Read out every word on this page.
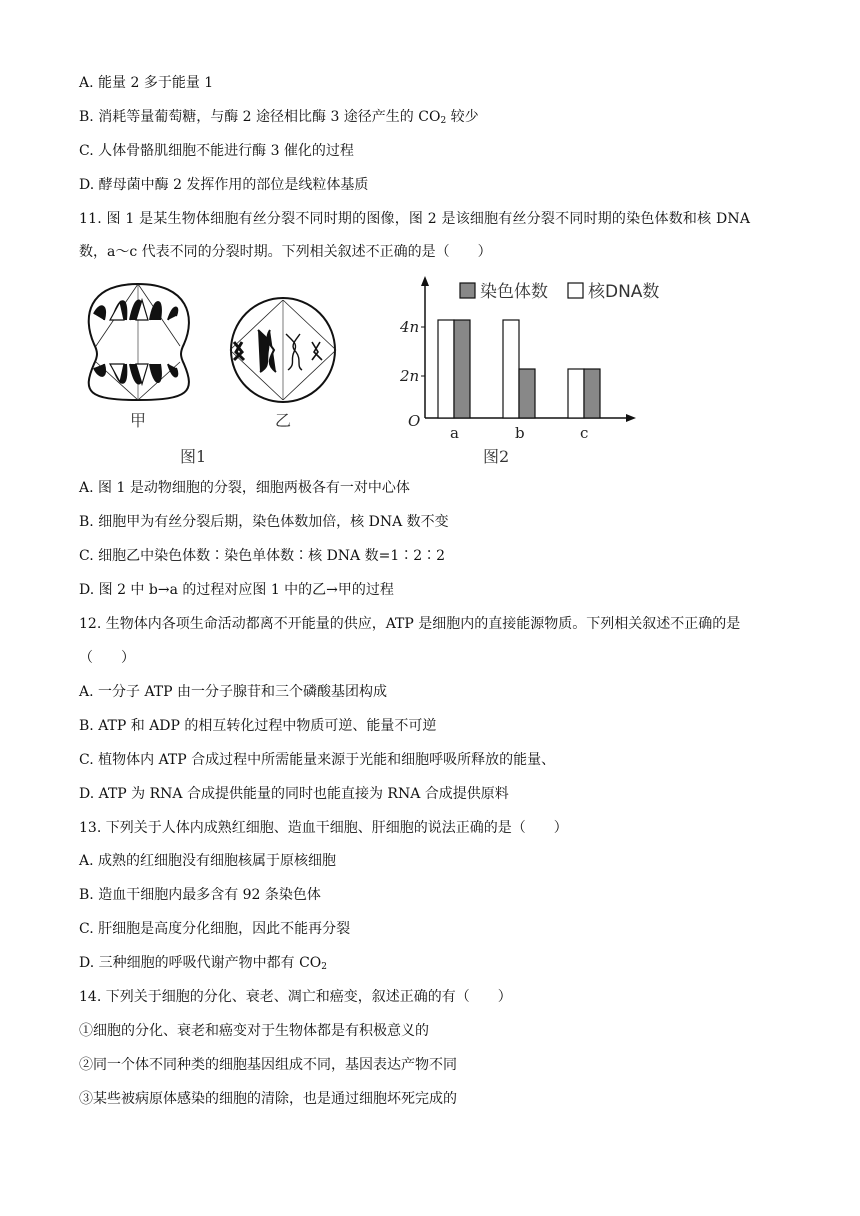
A. 能量 2 多于能量 1
B. 消耗等量葡萄糖，与酶 2 途径相比酶 3 途径产生的 $CO_2$ 较少
C. 人体骨骼肌细胞不能进行酶 3 催化的过程
D. 酵母菌中酶 2 发挥作用的部位是线粒体基质
11. 图 1 是某生物体细胞有丝分裂不同时期的图像，图 2 是该细胞有丝分裂不同时期的染色体数和核 DNA
数，a～c 代表不同的分裂时期。下列相关叙述不正确的是（　　）
甲	乙
图1
染色体数 核DNA数
4n
2n
O
a	b	c
图2
A. 图 1 是动物细胞的分裂，细胞两极各有一对中心体
B. 细胞甲为有丝分裂后期，染色体数加倍，核 DNA 数不变
C. 细胞乙中染色体数∶染色单体数∶核 DNA 数=1∶2∶2
D. 图 2 中 b→a 的过程对应图 1 中的乙→甲的过程
12. 生物体内各项生命活动都离不开能量的供应，ATP 是细胞内的直接能源物质。下列相关叙述不正确的是
（　　）
A. 一分子 ATP 由一分子腺苷和三个磷酸基团构成
B. ATP 和 ADP 的相互转化过程中物质可逆、能量不可逆
C. 植物体内 ATP 合成过程中所需能量来源于光能和细胞呼吸所释放的能量、
D. ATP 为 RNA 合成提供能量的同时也能直接为 RNA 合成提供原料
13. 下列关于人体内成熟红细胞、造血干细胞、肝细胞的说法正确的是（　　）
A. 成熟的红细胞没有细胞核属于原核细胞
B. 造血干细胞内最多含有 92 条染色体
C. 肝细胞是高度分化细胞，因此不能再分裂
D. 三种细胞的呼吸代谢产物中都有 $CO_2$
14. 下列关于细胞的分化、衰老、凋亡和癌变，叙述正确的有（　　）
①细胞的分化、衰老和癌变对于生物体都是有积极意义的
②同一个体不同种类的细胞基因组成不同，基因表达产物不同
③某些被病原体感染的细胞的清除，也是通过细胞坏死完成的
